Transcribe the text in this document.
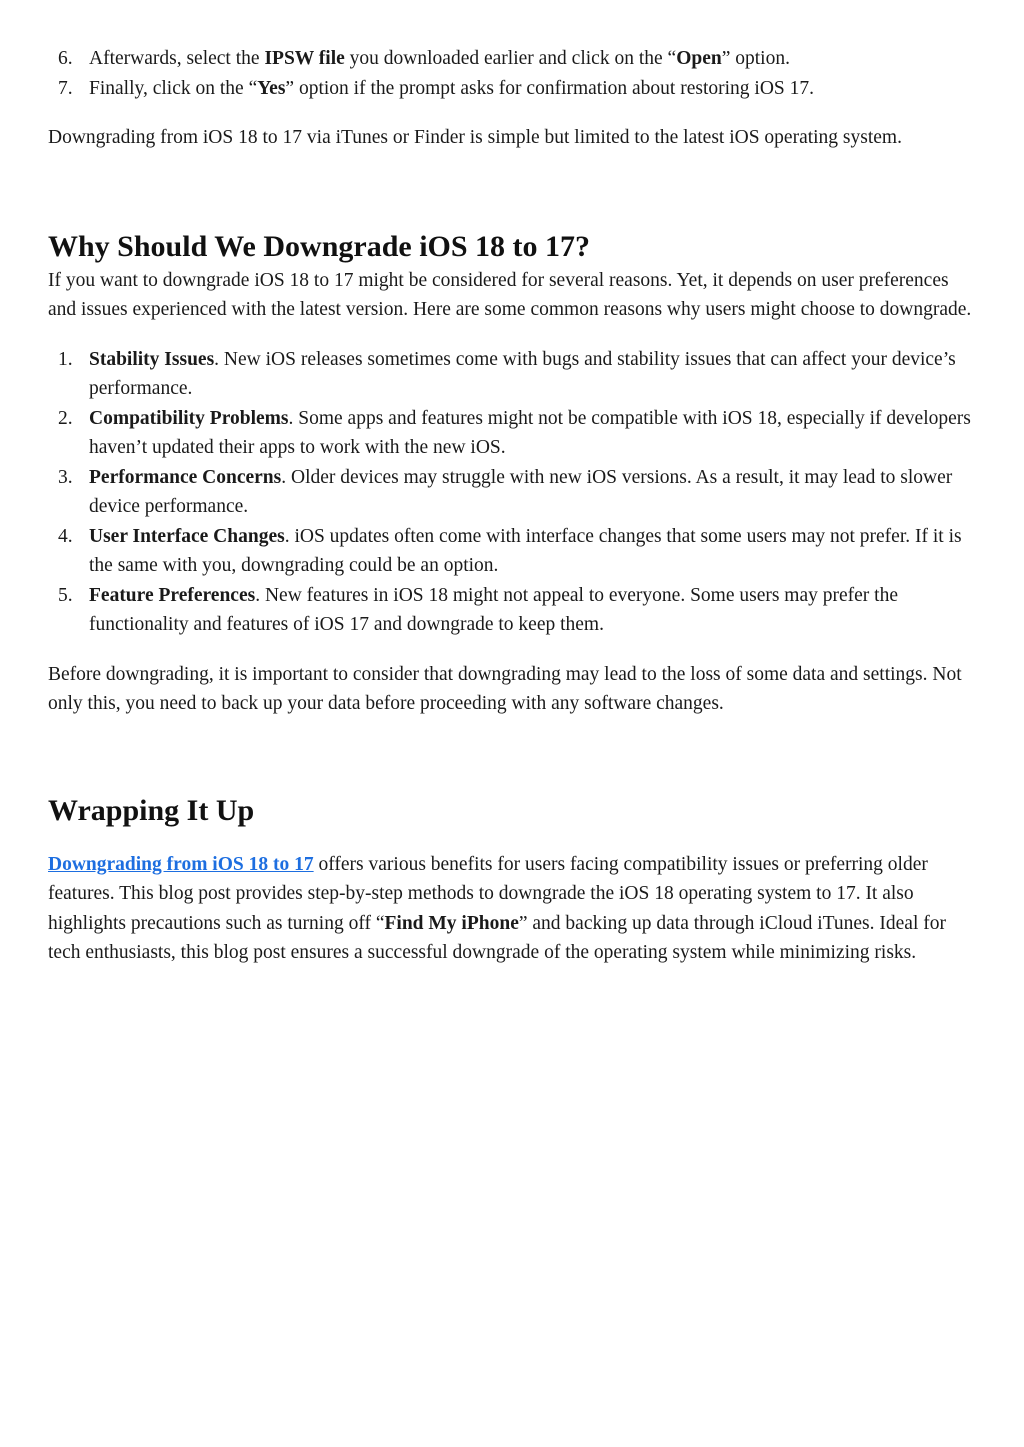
6. Afterwards, select the IPSW file you downloaded earlier and click on the “Open” option.
7. Finally, click on the “Yes” option if the prompt asks for confirmation about restoring iOS 17.

Downgrading from iOS 18 to 17 via iTunes or Finder is simple but limited to the latest iOS operating system.

Why Should We Downgrade iOS 18 to 17?

If you want to downgrade iOS 18 to 17 might be considered for several reasons. Yet, it depends on user preferences and issues experienced with the latest version. Here are some common reasons why users might choose to downgrade.

1. Stability Issues. New iOS releases sometimes come with bugs and stability issues that can affect your device’s performance.
2. Compatibility Problems. Some apps and features might not be compatible with iOS 18, especially if developers haven’t updated their apps to work with the new iOS.
3. Performance Concerns. Older devices may struggle with new iOS versions. As a result, it may lead to slower device performance.
4. User Interface Changes. iOS updates often come with interface changes that some users may not prefer. If it is the same with you, downgrading could be an option.
5. Feature Preferences. New features in iOS 18 might not appeal to everyone. Some users may prefer the functionality and features of iOS 17 and downgrade to keep them.

Before downgrading, it is important to consider that downgrading may lead to the loss of some data and settings. Not only this, you need to back up your data before proceeding with any software changes.

Wrapping It Up

Downgrading from iOS 18 to 17 offers various benefits for users facing compatibility issues or preferring older features. This blog post provides step-by-step methods to downgrade the iOS 18 operating system to 17. It also highlights precautions such as turning off “Find My iPhone” and backing up data through iCloud iTunes. Ideal for tech enthusiasts, this blog post ensures a successful downgrade of the operating system while minimizing risks.
